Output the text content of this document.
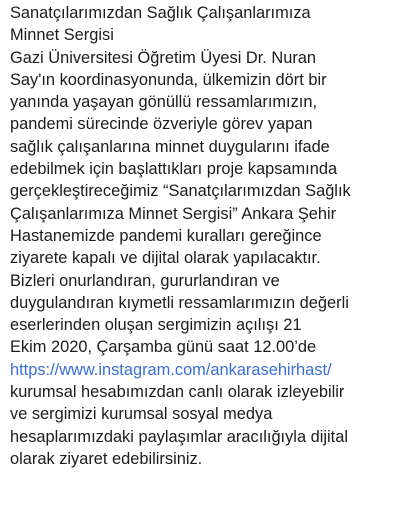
Sanatçılarımızdan Sağlık Çalışanlarımıza
Minnet Sergisi
Gazi Üniversitesi Öğretim Üyesi Dr. Nuran
Say'ın koordinasyonunda, ülkemizin dört bir
yanında yaşayan gönüllü ressamlarımızın,
pandemi sürecinde özveriyle görev yapan
sağlık çalışanlarına minnet duygularını ifade
edebilmek için başlattıkları proje kapsamında
gerçekleştireceğimiz “Sanatçılarımızdan Sağlık
Çalışanlarımıza Minnet Sergisi” Ankara Şehir
Hastanemizde pandemi kuralları gereğince
ziyarete kapalı ve dijital olarak yapılacaktır.
Bizleri onurlandıran, gururlandıran ve
duygulandıran kıymetli ressamlarımızın değerli
eserlerinden oluşan sergimizin açılışı 21
Ekim 2020, Çarşamba günü saat 12.00’de
https://www.instagram.com/ankarasehirhast/
kurumsal hesabımızdan canlı olarak izleyebilir
ve sergimizi kurumsal sosyal medya
hesaplarımızdaki paylaşımlar aracılığıyla dijital
olarak ziyaret edebilirsiniz.
